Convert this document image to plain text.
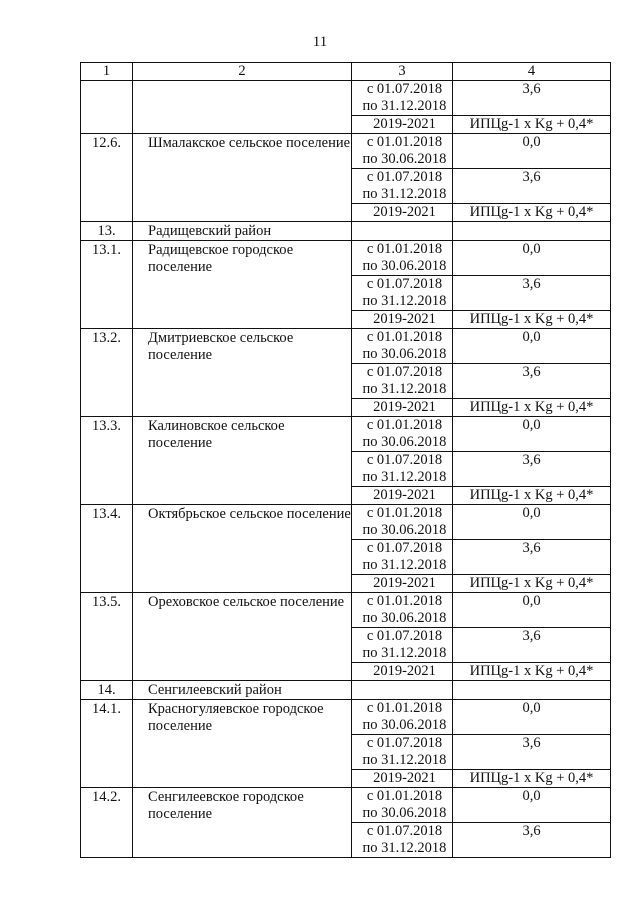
11
1	2	3	4

		с 01.07.2018
по 31.12.2018	3,6

		2019-2021	ИПЦg-1 x Kg + 0,4*
12.6.	Шмалакское сельское поселение	с 01.01.2018
по 30.06.2018	0,0

		с 01.07.2018
по 31.12.2018	3,6

		2019-2021	ИПЦg-1 x Kg + 0,4*
13.	Радищевский район		
13.1.	Радищевское городское поселение	с 01.01.2018
по 30.06.2018	0,0

		с 01.07.2018
по 31.12.2018	3,6

		2019-2021	ИПЦg-1 x Kg + 0,4*
13.2.	Дмитриевское сельское поселение	с 01.01.2018
по 30.06.2018	0,0

		с 01.07.2018
по 31.12.2018	3,6

		2019-2021	ИПЦg-1 x Kg + 0,4*
13.3.	Калиновское сельское поселение	с 01.01.2018
по 30.06.2018	0,0

		с 01.07.2018
по 31.12.2018	3,6

		2019-2021	ИПЦg-1 x Kg + 0,4*
13.4.	Октябрьское сельское поселение	с 01.01.2018
по 30.06.2018	0,0

		с 01.07.2018
по 31.12.2018	3,6

		2019-2021	ИПЦg-1 x Kg + 0,4*
13.5.	Ореховское сельское поселение	с 01.01.2018
по 30.06.2018	0,0

		с 01.07.2018
по 31.12.2018	3,6

		2019-2021	ИПЦg-1 x Kg + 0,4*
14.	Сенгилеевский район		
14.1.	Красногуляевское городское поселение	с 01.01.2018
по 30.06.2018	0,0

		с 01.07.2018
по 31.12.2018	3,6

		2019-2021	ИПЦg-1 x Kg + 0,4*
14.2.	Сенгилеевское городское поселение	с 01.01.2018
по 30.06.2018	0,0

		с 01.07.2018
по 31.12.2018	3,6
